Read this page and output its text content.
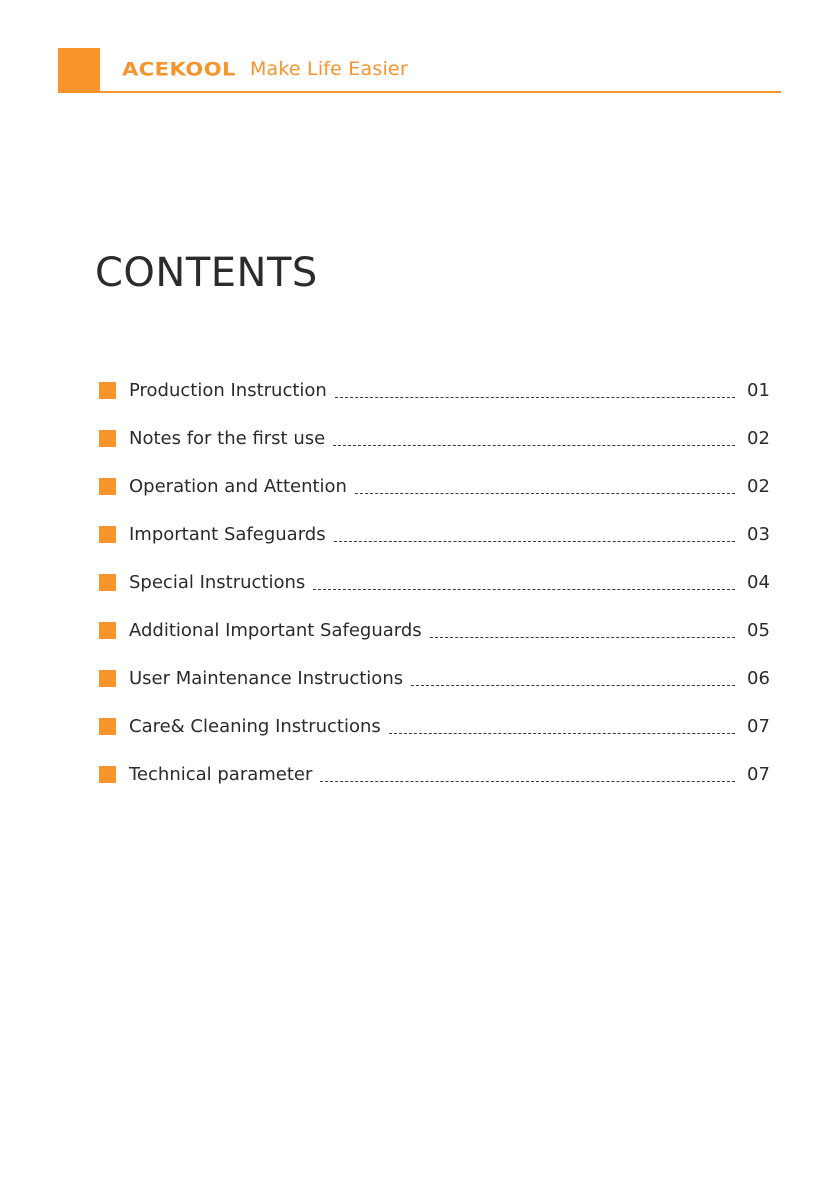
ACEKOOL Make Life Easier
CONTENTS
Production Instruction	01
Notes for the first use	02
Operation and Attention	02
Important Safeguards	03
Special Instructions	04
Additional Important Safeguards	05
User Maintenance Instructions	06
Care& Cleaning Instructions	07
Technical parameter	07
